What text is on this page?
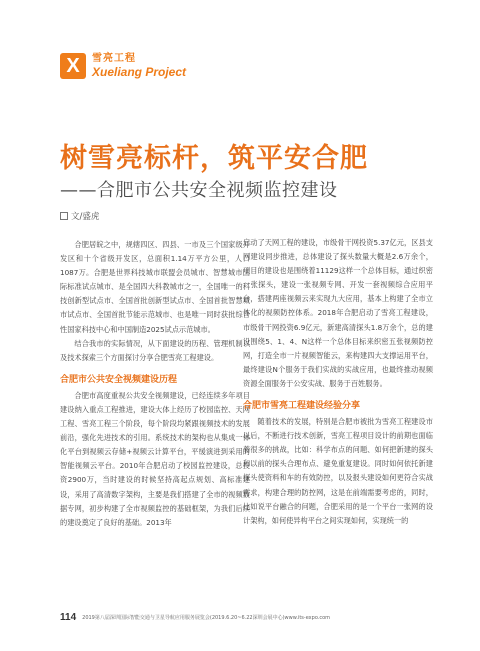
X	雪亮工程
Xueliang Project
树雪亮标杆，筑平安合肥
——合肥市公共安全视频监控建设
文/盛虎

合肥居皖之中，规辖四区、四县、一市及三个国家级开发区和十个省级开发区，总面积1.14万平方公里，人口1087万。合肥是世界科技城市联盟会员城市、智慧城市国际标准试点城市、是全国四大科教城市之一，全国唯一的科技创新型试点市、全国首批创新型试点市、全国首批智慧城市试点市、全国首批节能示范城市、也是唯一同时获批综合性国家科技中心和中国制造2025试点示范城市。

结合我市的实际情况，从下面建设的历程、管理机制以及技术探索三个方面探讨分享合肥雪亮工程建设。

合肥市公共安全视频建设历程

合肥市高度重视公共安全视频建设，已经连续多年项目建设纳入重点工程推进，建设大体上经历了校园监控、天网工程、雪亮工程三个阶段，每个阶段均紧跟视频技术的发展前沿，强化先进技术的引用。系统技术的架构也从集成一体化平台到视频云存储+视频云计算平台，平缓演进到采用的智能视频云平台。2010年合肥启动了校园监控建设，总投资2900万，当时建设的时候坚持高起点规划、高标准建设，采用了高清数字架构，主要是我们搭建了全市的视频数据专网，初步构建了全市视频监控的基础框架，为我们后续的建设奠定了良好的基础。2013年

启动了天网工程的建设，市级骨干网投资5.37亿元，区县支网建设同步推进，总体建设了探头数量大概是2.6万余个，项目的建设也是围绕着11129这样一个总体目标，通过织密一张探头，建设一张视频专网、开发一套视频综合应用平台，搭建两座视频云来实现九大应用，基本上构建了全市立体化的视频防控体系。2018年合肥启动了雪亮工程建设，市级骨干网投资6.9亿元，新建高清探头1.8万余个，总的建设围绕5、1、4、N这样一个总体目标来织密五张视频防控网，打造全市一片视频智能云，来构建四大支撑运用平台，最终建设N个服务于我们实战的实战应用，也最终推动视频资源全面服务于公安实战、服务于百姓服务。

合肥市雪亮工程建设经验分享

随着技术的发展，特别是合肥市被批为雪亮工程建设市以后，不断进行技术创新，雪亮工程项目设计的前期也面临着很多的挑战，比如：科学布点的问题、如何把新建的探头和以前的探头合理布点、避免重复建设。同时如何依托新建探头使资料和车的有效防控，以及报头建设如何更符合实战需求，构建合理的防控网，这是在前端需要考虑的，同时，比如说平台融合的问题，合肥采用的是一个平台一张网的设计架构，如何使异构平台之间实现如何，实现统一的

114 2019第八届深圳国际智能交通与卫星导航应用服务展览会(2019.6.20~6.22深圳会展中心)www.its-expo.com
